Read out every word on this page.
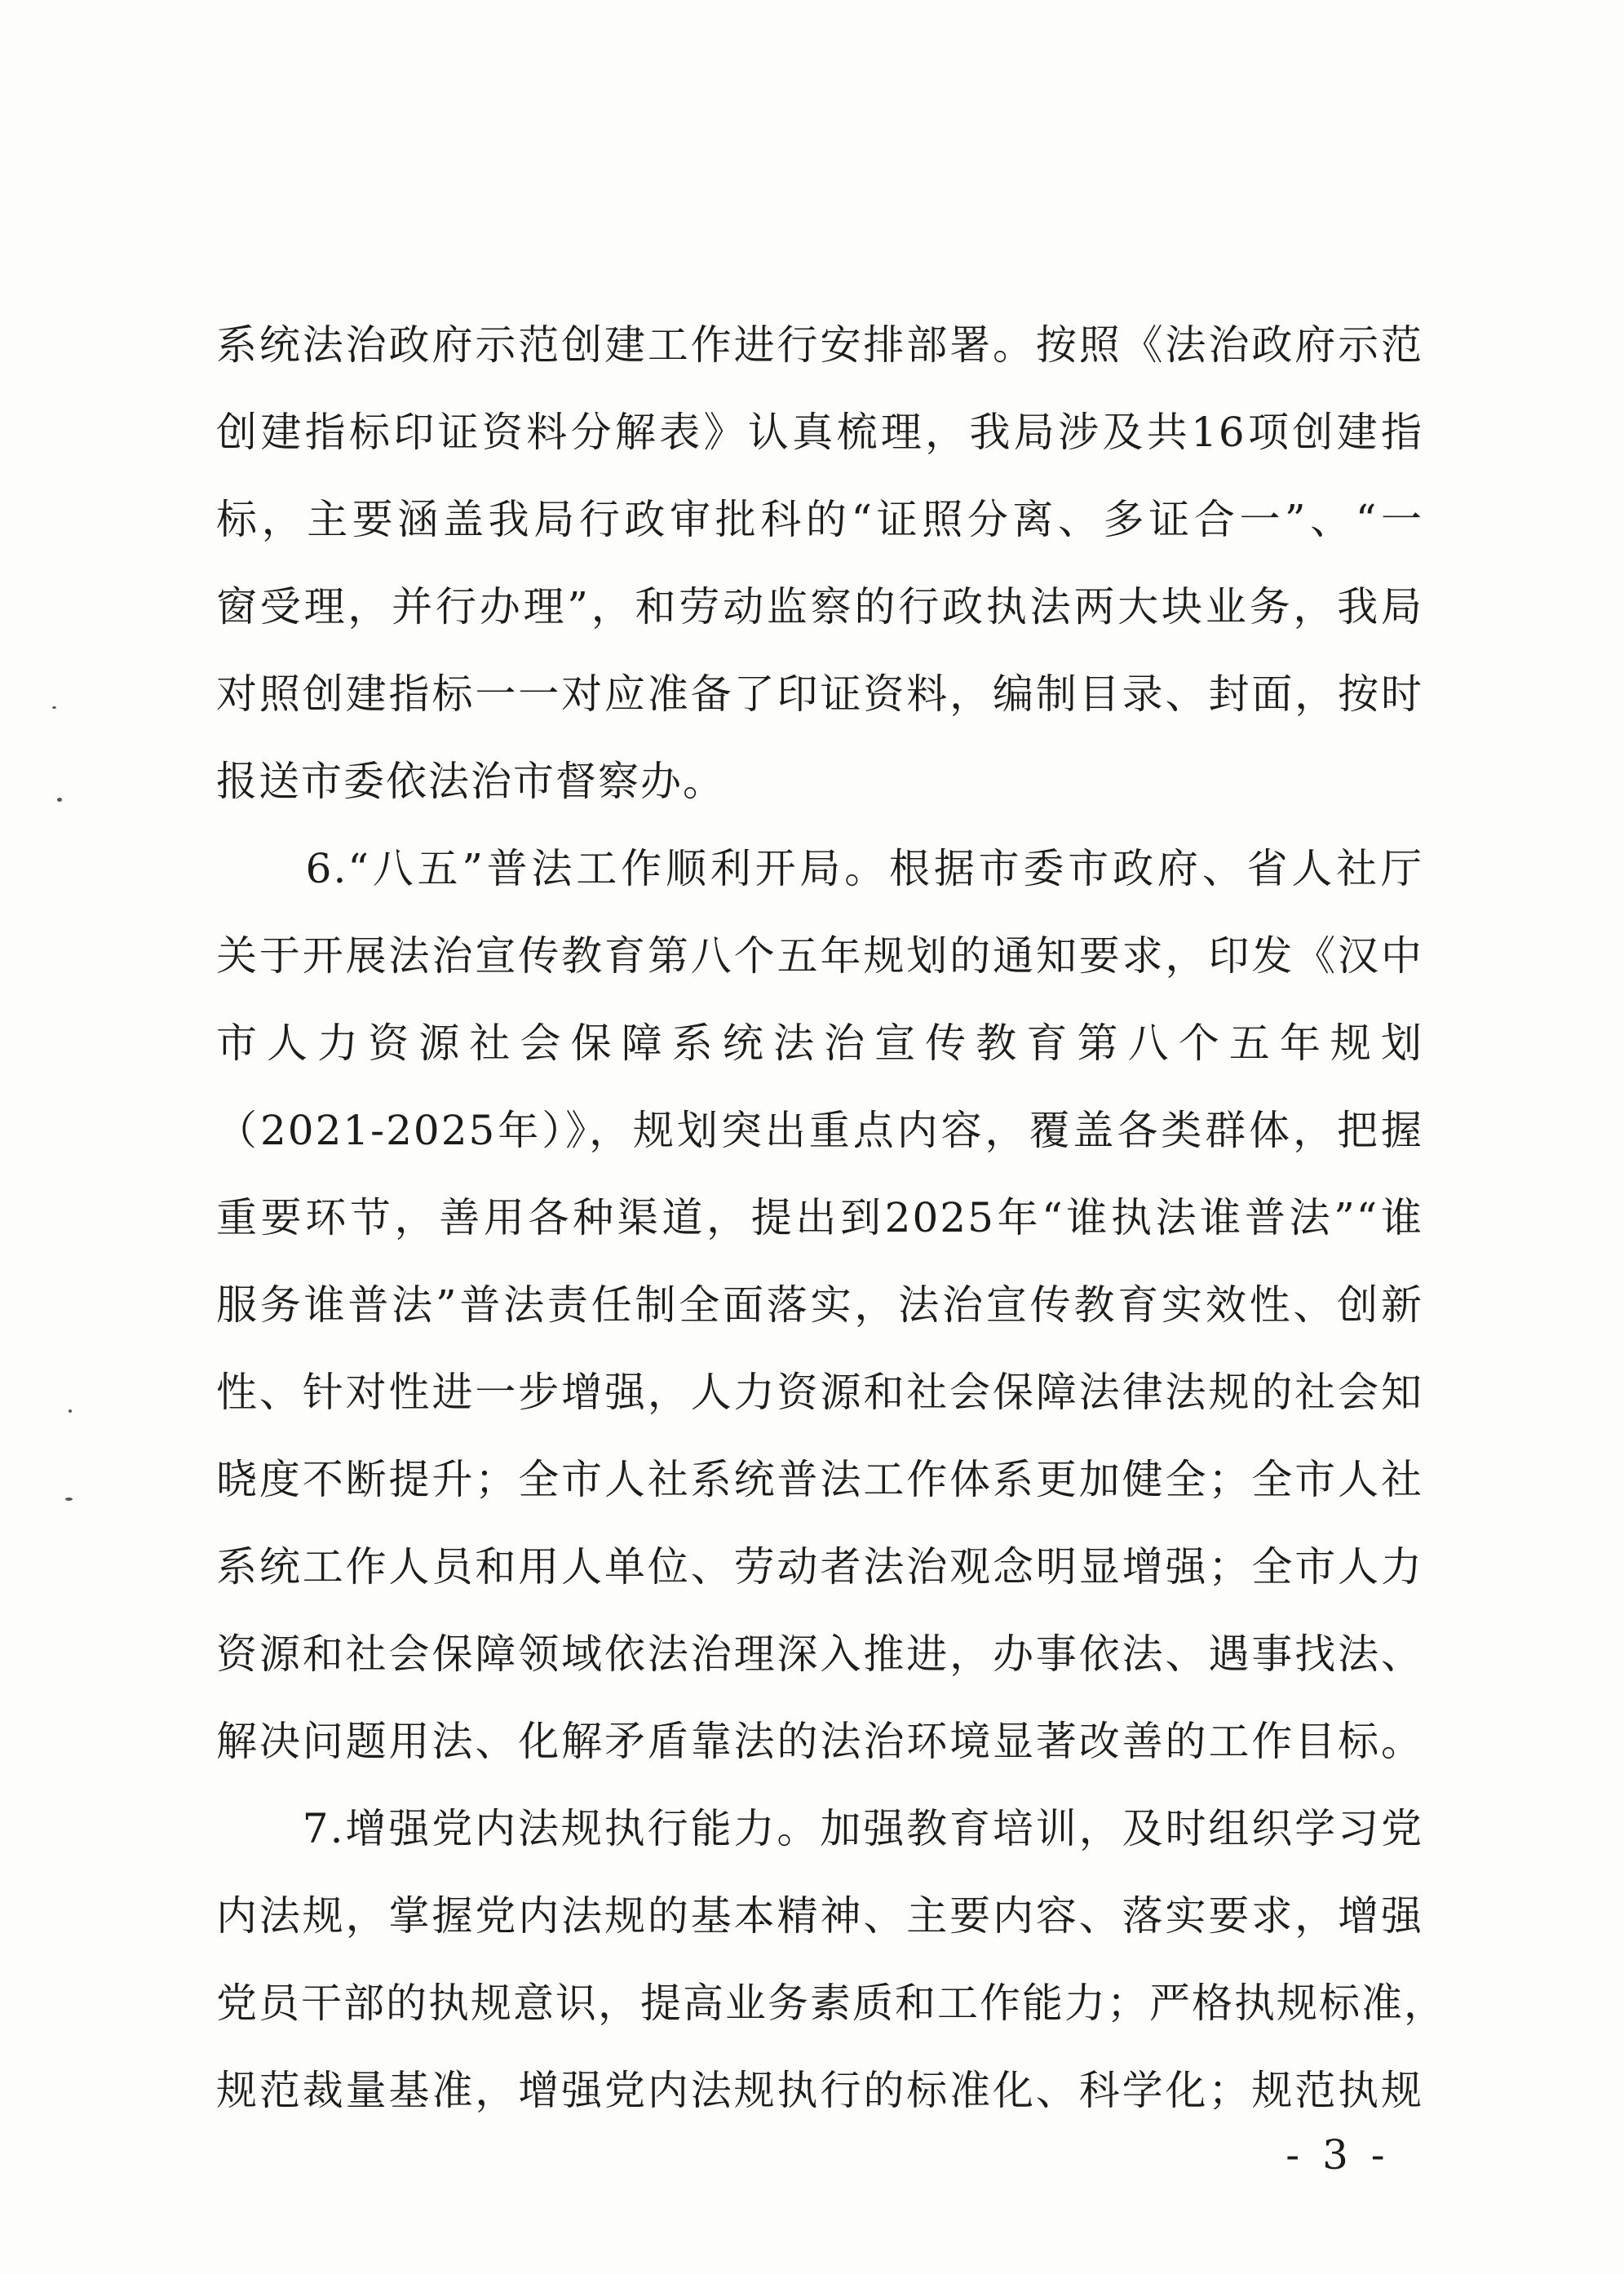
系统法治政府示范创建工作进行安排部署。按照《法治政府示范
创建指标印证资料分解表》认真梳理，我局涉及共16项创建指
标，主要涵盖我局行政审批科的“证照分离、多证合一”、“一
窗受理，并行办理”，和劳动监察的行政执法两大块业务，我局
对照创建指标一一对应准备了印证资料，编制目录、封面，按时
报送市委依法治市督察办。
　　6.“八五”普法工作顺利开局。根据市委市政府、省人社厅
关于开展法治宣传教育第八个五年规划的通知要求，印发《汉中
市人力资源社会保障系统法治宣传教育第八个五年规划
（2021-2025年）》，规划突出重点内容，覆盖各类群体，把握
重要环节，善用各种渠道，提出到2025年“谁执法谁普法”“谁
服务谁普法”普法责任制全面落实，法治宣传教育实效性、创新
性、针对性进一步增强，人力资源和社会保障法律法规的社会知
晓度不断提升；全市人社系统普法工作体系更加健全；全市人社
系统工作人员和用人单位、劳动者法治观念明显增强；全市人力
资源和社会保障领域依法治理深入推进，办事依法、遇事找法、
解决问题用法、化解矛盾靠法的法治环境显著改善的工作目标。
　　7.增强党内法规执行能力。加强教育培训，及时组织学习党
内法规，掌握党内法规的基本精神、主要内容、落实要求，增强
党员干部的执规意识，提高业务素质和工作能力；严格执规标准，
规范裁量基准，增强党内法规执行的标准化、科学化；规范执规
- 3 -
